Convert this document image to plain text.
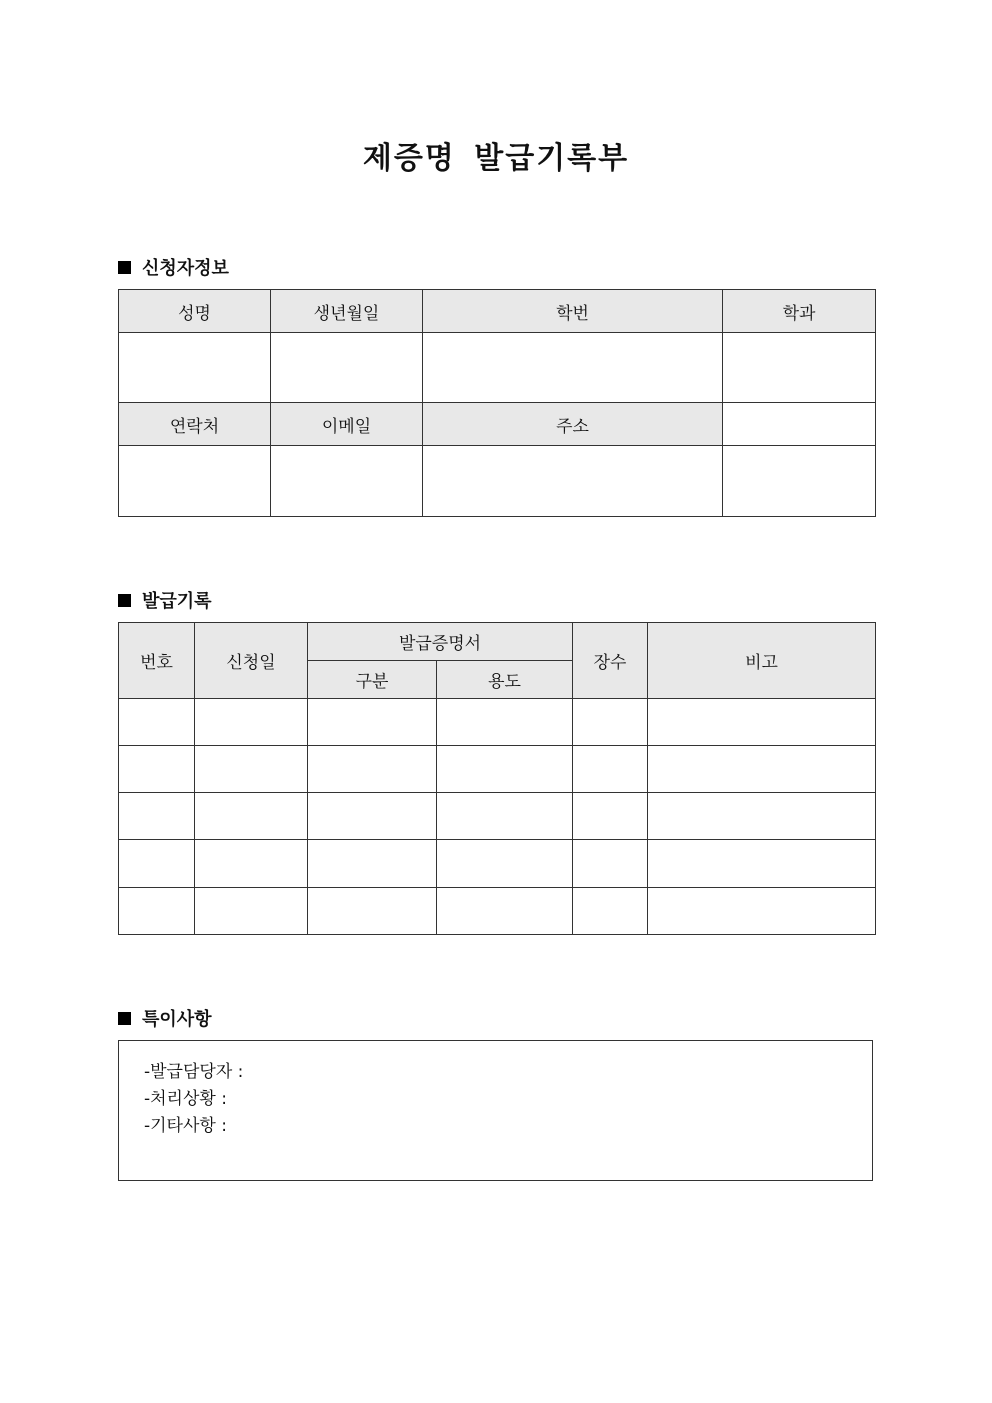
제증명 발급기록부
신청자정보
성명	생년월일	학번	학과

연락처	이메일	주소	

발급기록
번호	신청일	발급증명서		장수	비고
		구분	용도		

특이사항
-발급담당자 :
-처리상황 :
-기타사항 :
